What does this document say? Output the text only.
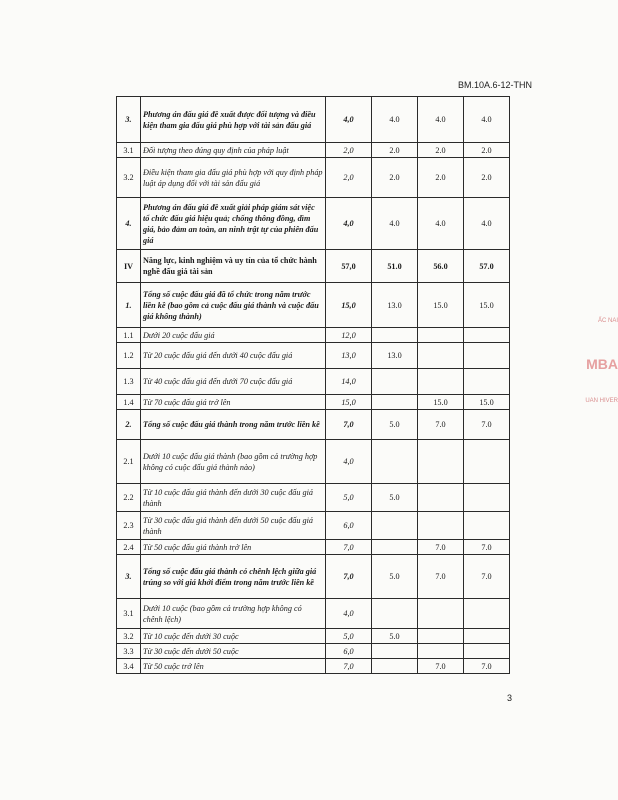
BM.10A.6-12-THN
ẤC NAI
MBA
UAN HIVER
3.	Phương án đấu giá đề xuất được đối tượng và điều kiện tham gia đấu giá phù hợp với tài sản đấu giá	4,0	4.0	4.0	4.0
3.1	Đối tượng theo đúng quy định của pháp luật	2,0	2.0	2.0	2.0
3.2	Điều kiện tham gia đấu giá phù hợp với quy định pháp luật áp dụng đối với tài sản đấu giá	2,0	2.0	2.0	2.0
4.	Phương án đấu giá đề xuất giải pháp giám sát việc tổ chức đấu giá hiệu quả; chống thông đồng, dìm giá, bảo đảm an toàn, an ninh trật tự của phiên đấu giá	4,0	4.0	4.0	4.0
IV	Năng lực, kinh nghiệm và uy tín của tổ chức hành nghề đấu giá tài sản	57,0	51.0	56.0	57.0
1.	Tổng số cuộc đấu giá đã tổ chức trong năm trước liền kề (bao gồm cả cuộc đấu giá thành và cuộc đấu giá không thành)	15,0	13.0	15.0	15.0
1.1	Dưới 20 cuộc đấu giá	12,0			
1.2	Từ 20 cuộc đấu giá đến dưới 40 cuộc đấu giá	13,0	13.0		
1.3	Từ 40 cuộc đấu giá đến dưới 70 cuộc đấu giá	14,0			
1.4	Từ 70 cuộc đấu giá trở lên	15,0		15.0	15.0
2.	Tổng số cuộc đấu giá thành trong năm trước liền kề	7,0	5.0	7.0	7.0
2.1	Dưới 10 cuộc đấu giá thành (bao gồm cả trường hợp không có cuộc đấu giá thành nào)	4,0			
2.2	Từ 10 cuộc đấu giá thành đến dưới 30 cuộc đấu giá thành	5,0	5.0		
2.3	Từ 30 cuộc đấu giá thành đến dưới 50 cuộc đấu giá thành	6,0			
2.4	Từ 50 cuộc đấu giá thành trở lên	7,0		7.0	7.0
3.	Tổng số cuộc đấu giá thành có chênh lệch giữa giá trúng so với giá khởi điểm trong năm trước liền kề	7,0	5.0	7.0	7.0
3.1	Dưới 10 cuộc (bao gồm cả trường hợp không có chênh lệch)	4,0			
3.2	Từ 10 cuộc đến dưới 30 cuộc	5,0	5.0		
3.3	Từ 30 cuộc đến dưới 50 cuộc	6,0			
3.4	Từ 50 cuộc trở lên	7,0		7.0	7.0
3
